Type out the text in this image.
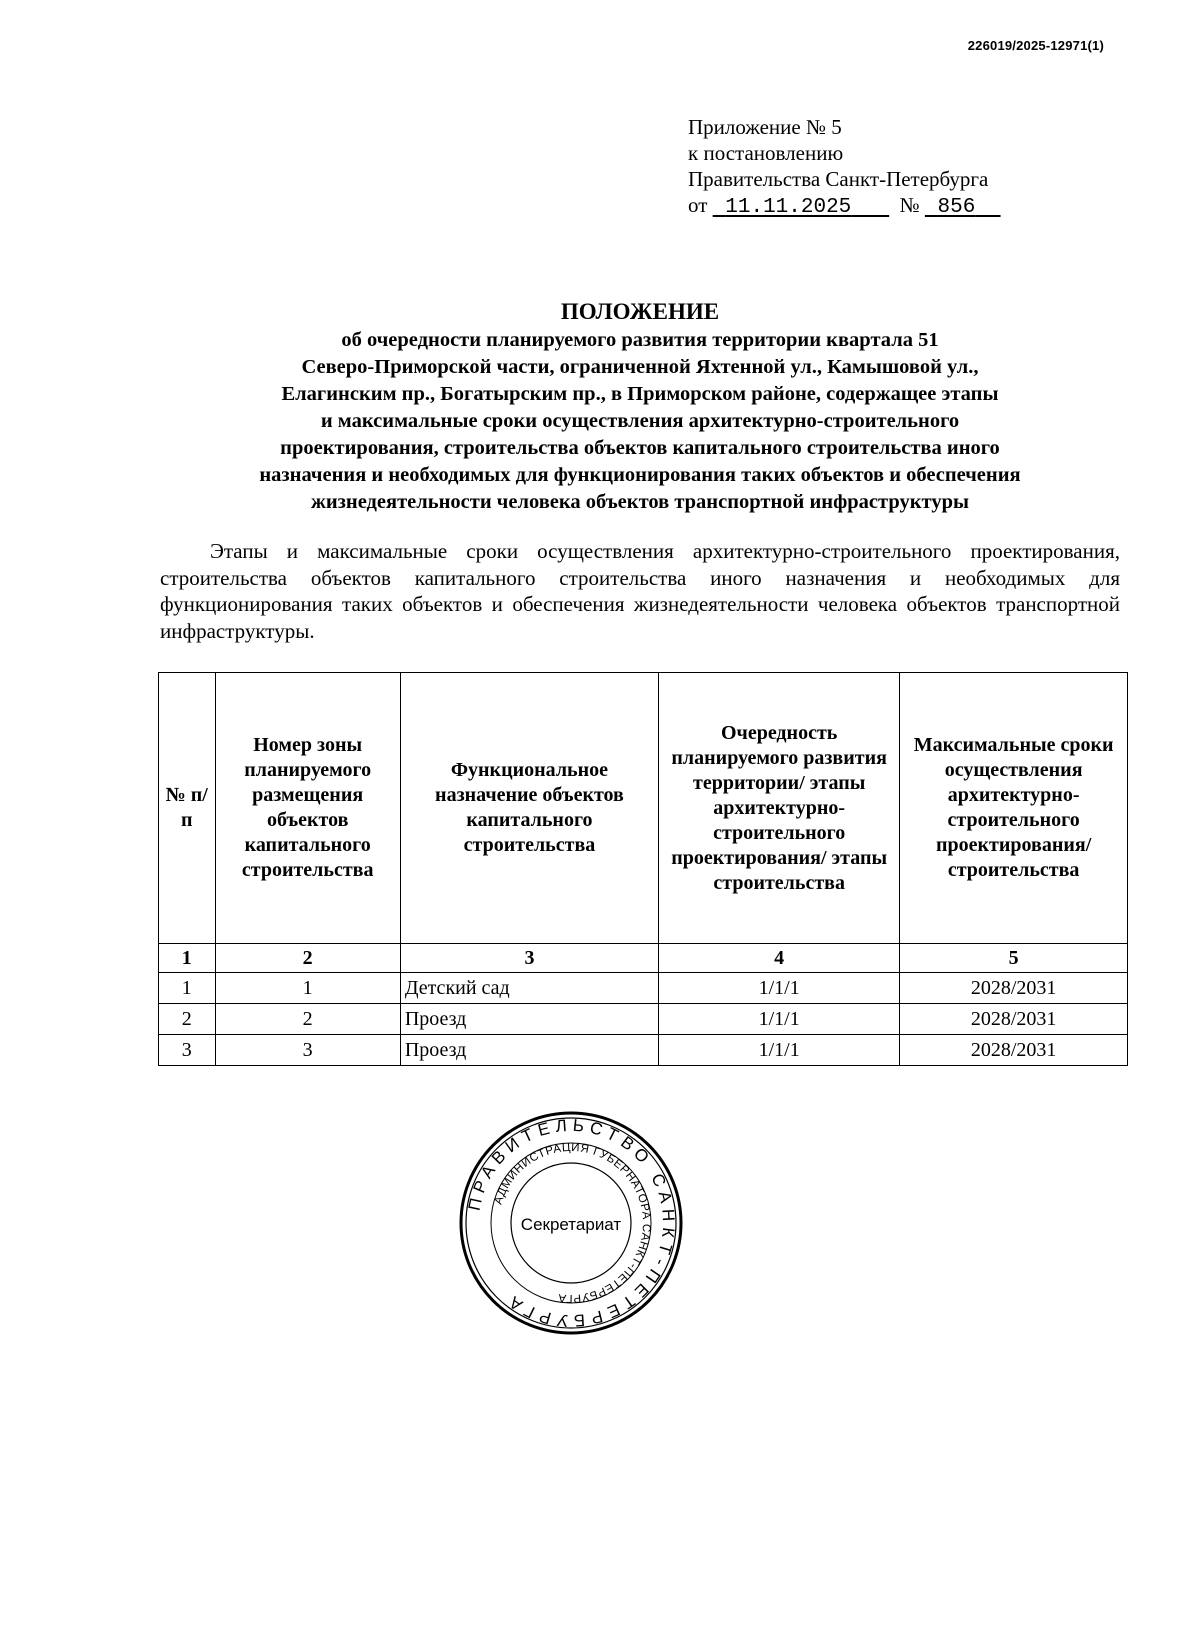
226019/2025-12971(1)
Приложение № 5
к постановлению
Правительства Санкт-Петербурга
от 11.11.2025 № 856
ПОЛОЖЕНИЕ
об очередности планируемого развития территории квартала 51
Северо-Приморской части, ограниченной Яхтенной ул., Камышовой ул.,
Елагинским пр., Богатырским пр., в Приморском районе, содержащее этапы
и максимальные сроки осуществления архитектурно-строительного
проектирования, строительства объектов капитального строительства иного
назначения и необходимых для функционирования таких объектов и обеспечения
жизнедеятельности человека объектов транспортной инфраструктуры
Этапы и максимальные сроки осуществления архитектурно-строительного проектирования, строительства объектов капитального строительства иного назначения и необходимых для функционирования таких объектов и обеспечения жизнедеятельности человека объектов транспортной инфраструктуры.
№ п/п	Номер зоны планируемого размещения объектов капитального строительства	Функциональное назначение объектов капитального строительства	Очередность планируемого развития территории/ этапы архитектурно-строительного проектирования/ этапы строительства	Максимальные сроки осуществления архитектурно-строительного проектирования/ строительства
1	2	3	4	5
1	1	Детский сад	1/1/1	2028/2031
2	2	Проезд	1/1/1	2028/2031
3	3	Проезд	1/1/1	2028/2031
ПРАВИТЕЛЬСТВО САНКТ-ПЕТЕРБУРГА
АДМИНИСТРАЦИЯ ГУБЕРНАТОРА САНКТ-ПЕТЕРБУРГА
Секретариат
